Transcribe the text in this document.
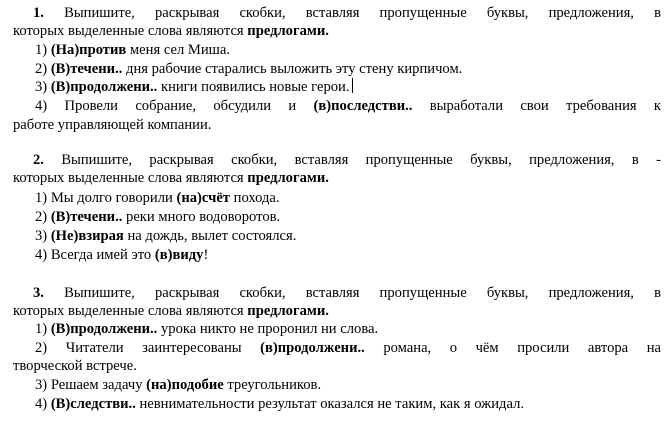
1. Выпишите, раскрывая скобки, вставляя пропущенные буквы, предложения, в
которых выделенные слова являются предлогами.
1) (На)против меня сел Миша.
2) (В)течени.. дня рабочие старались выложить эту стену кирпичом.
3) (В)продолжени.. книги появились новые герои.
4) Провели собрание, обсудили и (в)последстви.. выработали свои требования к
работе управляющей компании.
2. Выпишите, раскрывая скобки, вставляя пропущенные буквы, предложения, в -
которых выделенные слова являются предлогами.
1) Мы долго говорили (на)счёт похода.
2) (В)течени.. реки много водоворотов.
3) (Не)взирая на дождь, вылет состоялся.
4) Всегда имей это (в)виду!
3. Выпишите, раскрывая скобки, вставляя пропущенные буквы, предложения, в
которых выделенные слова являются предлогами.
1) (В)продолжени.. урока никто не проронил ни слова.
2) Читатели заинтересованы (в)продолжени.. романа, о чём просили автора на
творческой встрече.
3) Решаем задачу (на)подобие треугольников.
4) (В)следстви.. невнимательности результат оказался не таким, как я ожидал.
